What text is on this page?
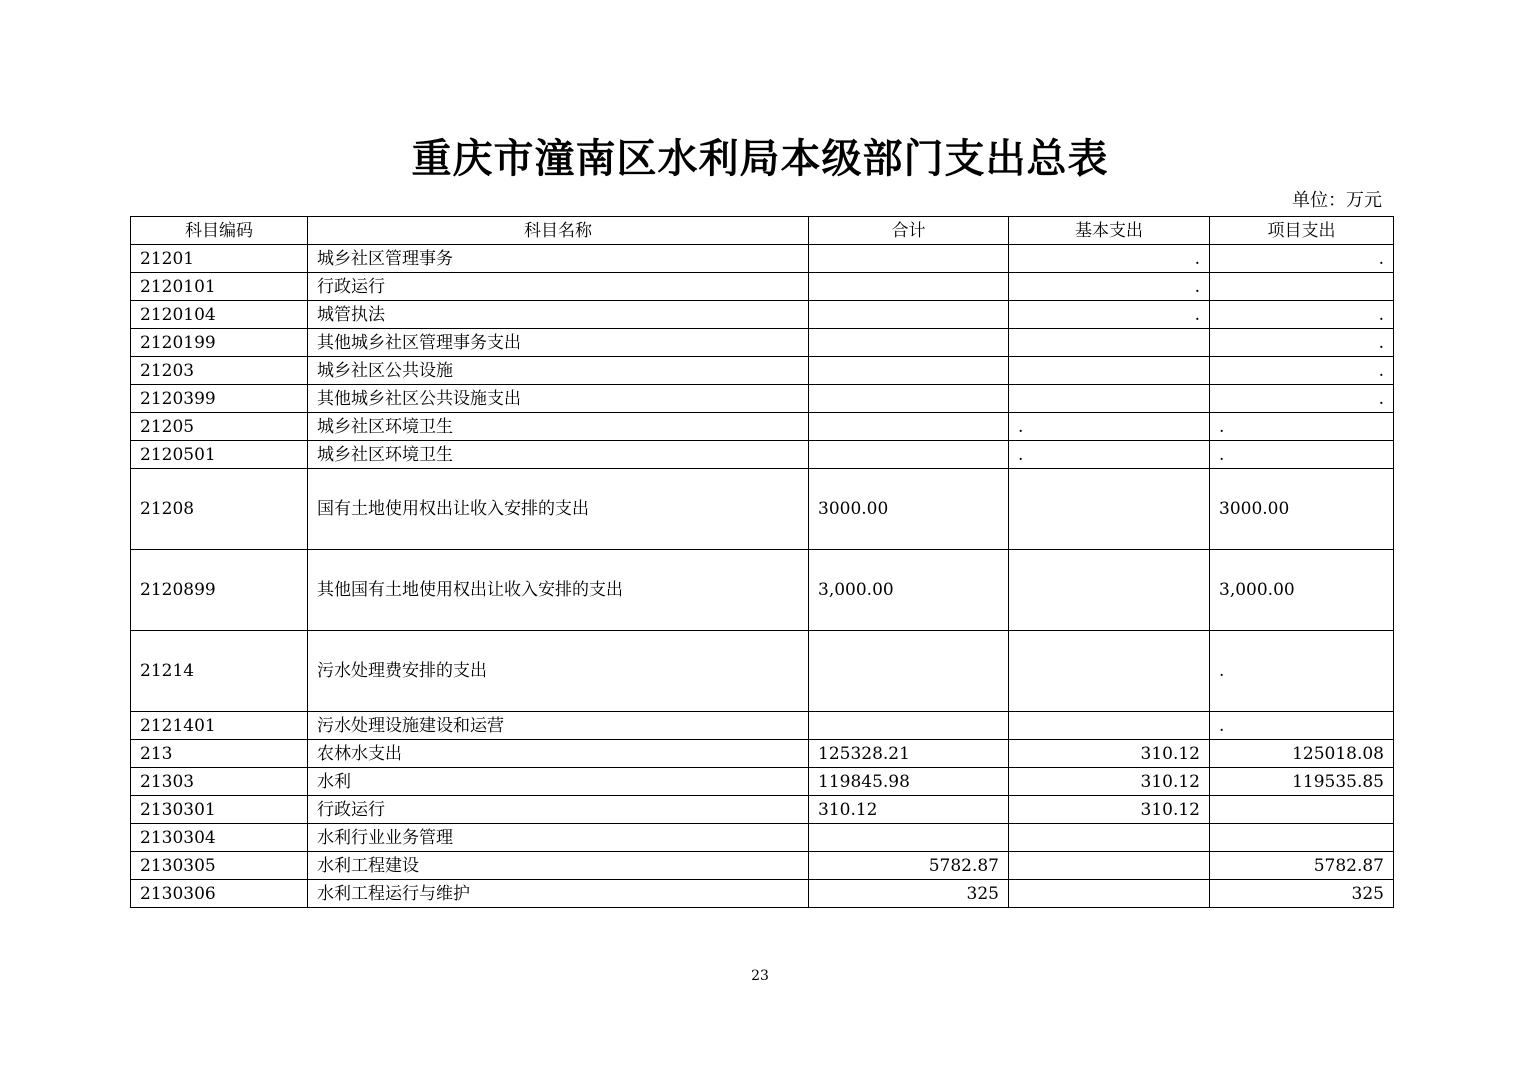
重庆市潼南区水利局本级部门支出总表
单位：万元
科目编码	科目名称	合计	基本支出	项目支出
21201	城乡社区管理事务		.	.
2120101	行政运行		.	
2120104	城管执法		.	.
2120199	其他城乡社区管理事务支出			.
21203	城乡社区公共设施			.
2120399	其他城乡社区公共设施支出			.
21205	城乡社区环境卫生		.	.
2120501	城乡社区环境卫生		.	.
21208	国有土地使用权出让收入安排的支出	3000.00		3000.00
2120899	其他国有土地使用权出让收入安排的支出	3,000.00		3,000.00
21214	污水处理费安排的支出			.
2121401	污水处理设施建设和运营			.
213	农林水支出	125328.21	310.12	125018.08
21303	水利	119845.98	310.12	119535.85
2130301	行政运行	310.12	310.12	
2130304	水利行业业务管理			
2130305	水利工程建设	5782.87		5782.87
2130306	水利工程运行与维护	325		325
23
